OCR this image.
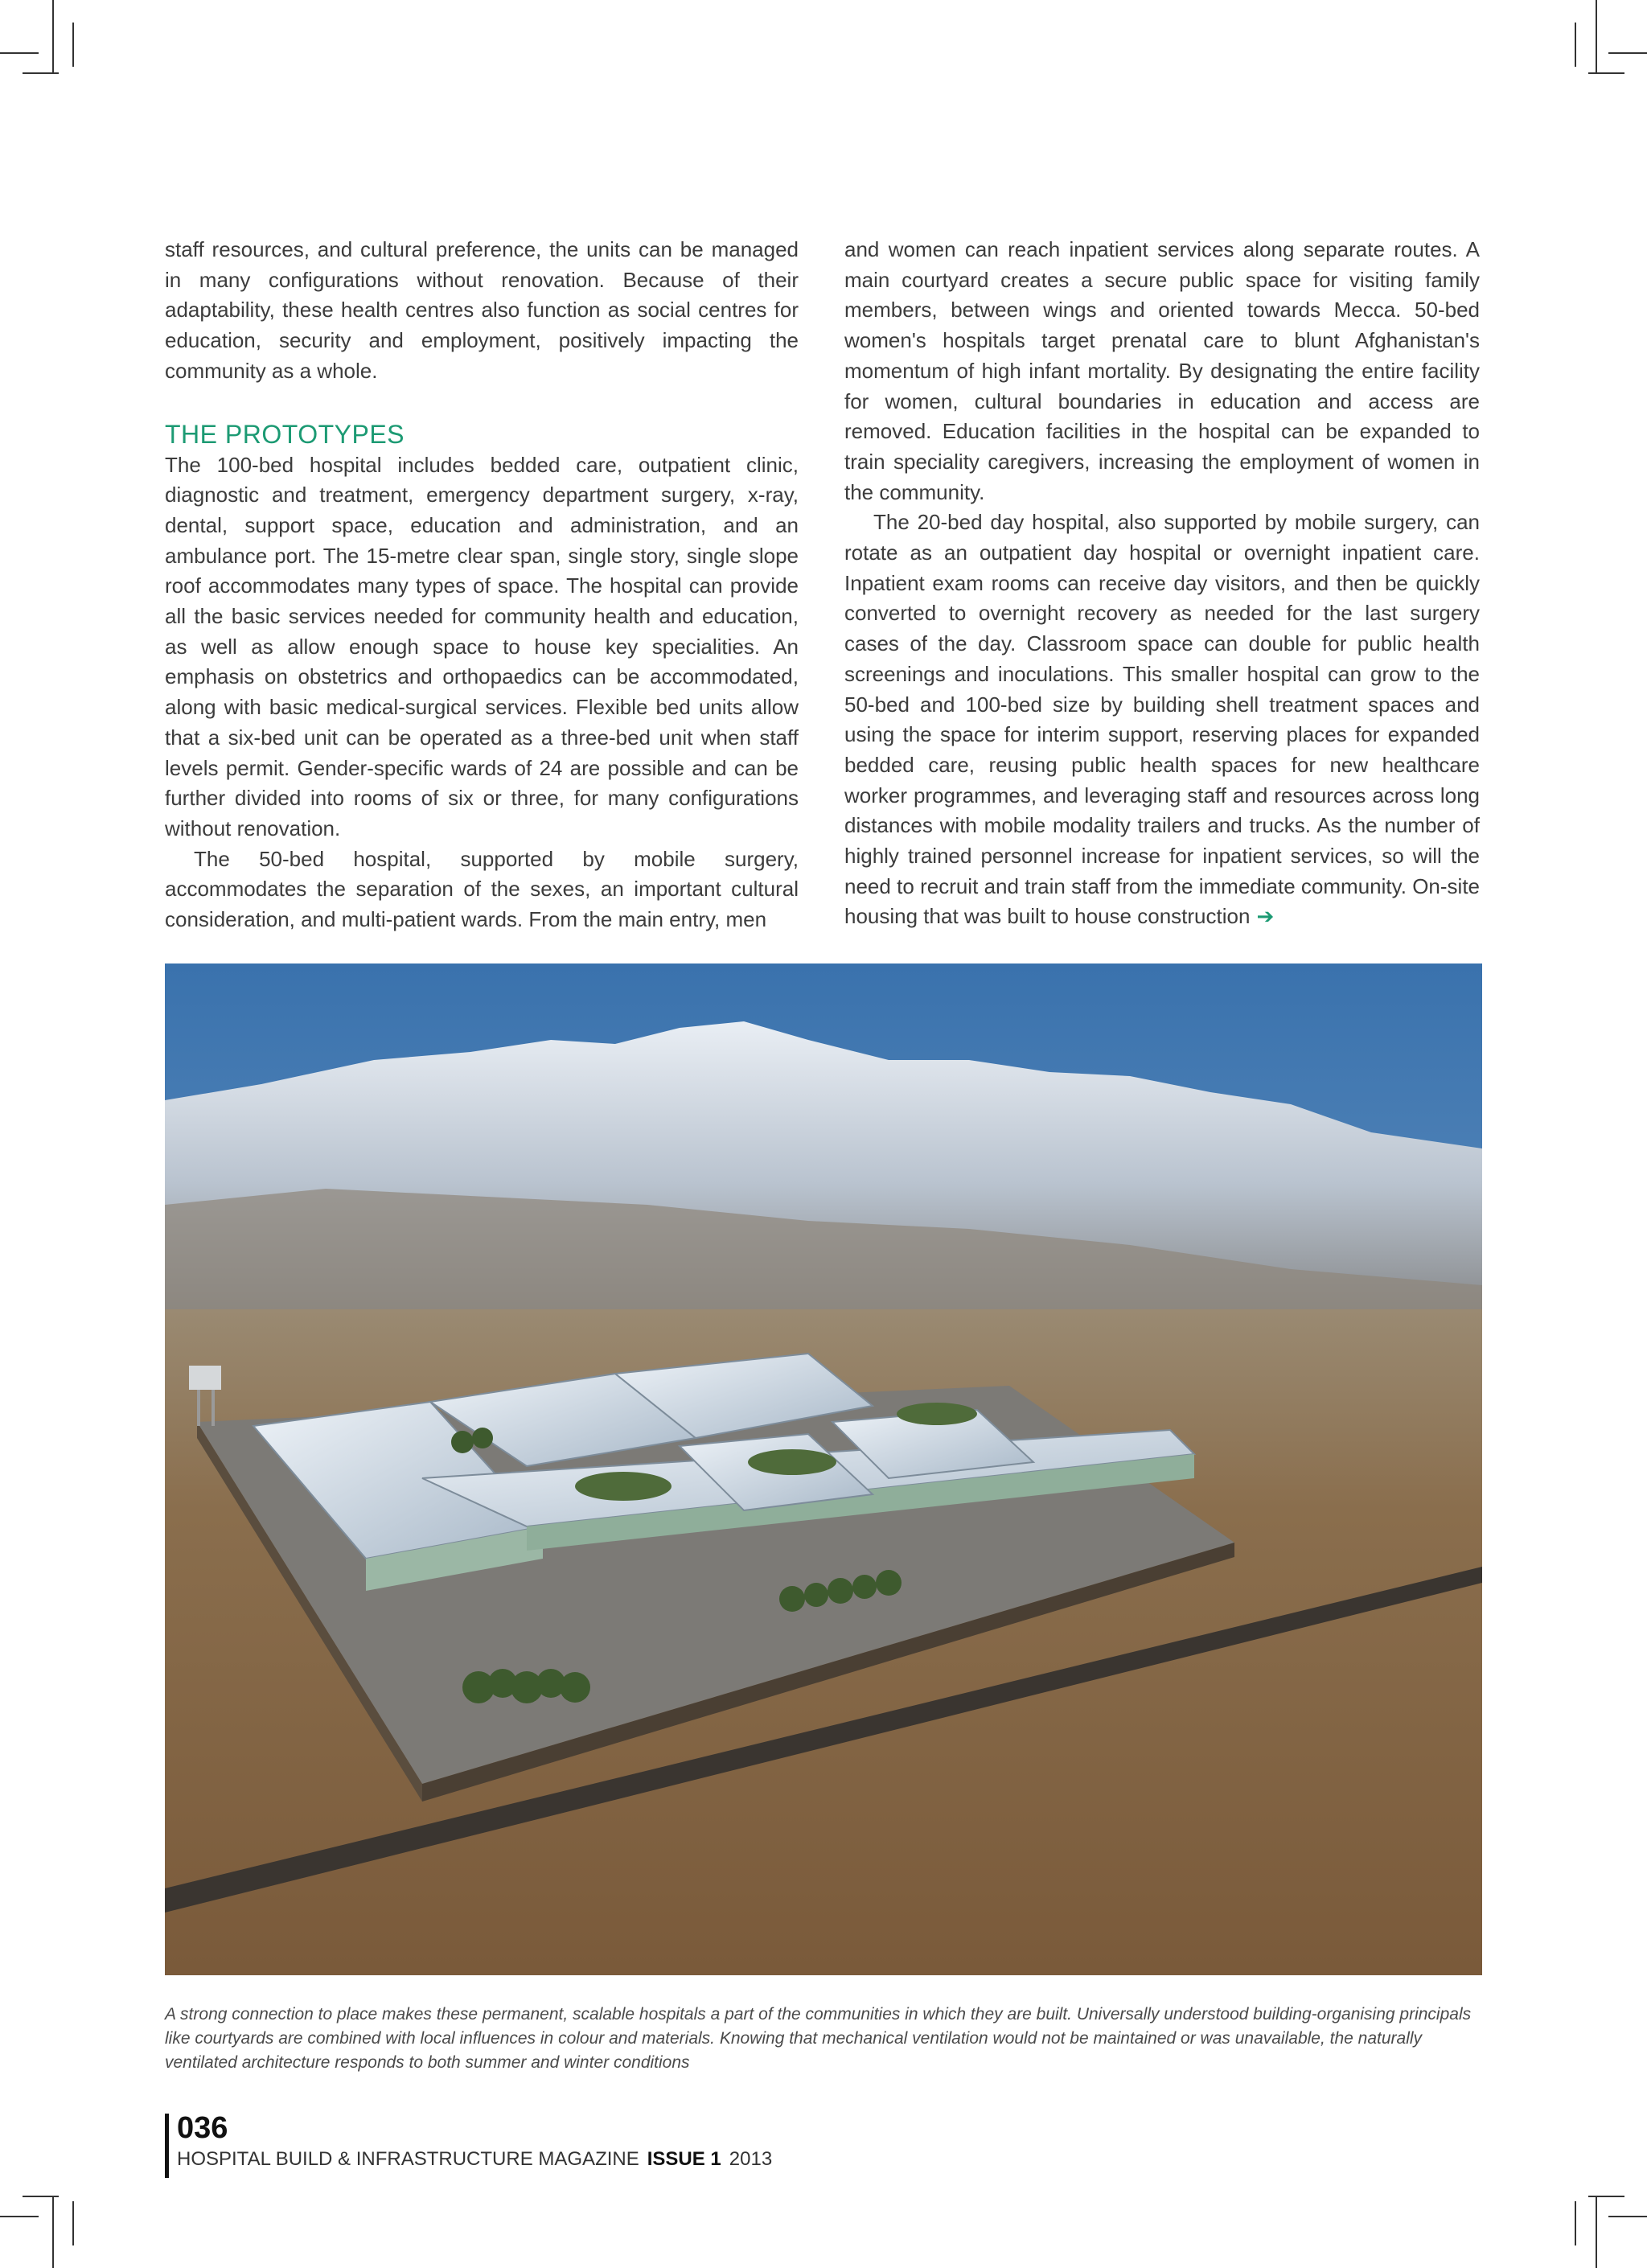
staff resources, and cultural preference, the units can be managed in many configurations without renovation. Because of their adaptability, these health centres also function as social centres for education, security and employment, positively impacting the community as a whole.

THE PROTOTYPES

The 100-bed hospital includes bedded care, outpatient clinic, diagnostic and treatment, emergency department surgery, x-ray, dental, support space, education and administration, and an ambulance port. The 15-metre clear span, single story, single slope roof accommodates many types of space. The hospital can provide all the basic services needed for community health and education, as well as allow enough space to house key specialities. An emphasis on obstetrics and orthopaedics can be accommodated, along with basic medical-surgical services. Flexible bed units allow that a six-bed unit can be operated as a three-bed unit when staff levels permit. Gender-specific wards of 24 are possible and can be further divided into rooms of six or three, for many configurations without renovation.

The 50-bed hospital, supported by mobile surgery, accommodates the separation of the sexes, an important cultural consideration, and multi-patient wards. From the main entry, men

and women can reach inpatient services along separate routes. A main courtyard creates a secure public space for visiting family members, between wings and oriented towards Mecca. 50-bed women's hospitals target prenatal care to blunt Afghanistan's momentum of high infant mortality. By designating the entire facility for women, cultural boundaries in education and access are removed. Education facilities in the hospital can be expanded to train speciality caregivers, increasing the employment of women in the community.

The 20-bed day hospital, also supported by mobile surgery, can rotate as an outpatient day hospital or overnight inpatient care. Inpatient exam rooms can receive day visitors, and then be quickly converted to overnight recovery as needed for the last surgery cases of the day. Classroom space can double for public health screenings and inoculations. This smaller hospital can grow to the 50-bed and 100-bed size by building shell treatment spaces and using the space for interim support, reserving places for expanded bedded care, reusing public health spaces for new healthcare worker programmes, and leveraging staff and resources across long distances with mobile modality trailers and trucks. As the number of highly trained personnel increase for inpatient services, so will the need to recruit and train staff from the immediate community. On-site housing that was built to house construction ➔

A strong connection to place makes these permanent, scalable hospitals a part of the communities in which they are built. Universally understood building-organising principals like courtyards are combined with local influences in colour and materials. Knowing that mechanical ventilation would not be maintained or was unavailable, the naturally ventilated architecture responds to both summer and winter conditions
036
HOSPITAL BUILD & INFRASTRUCTURE MAGAZINE ISSUE 1 2013
